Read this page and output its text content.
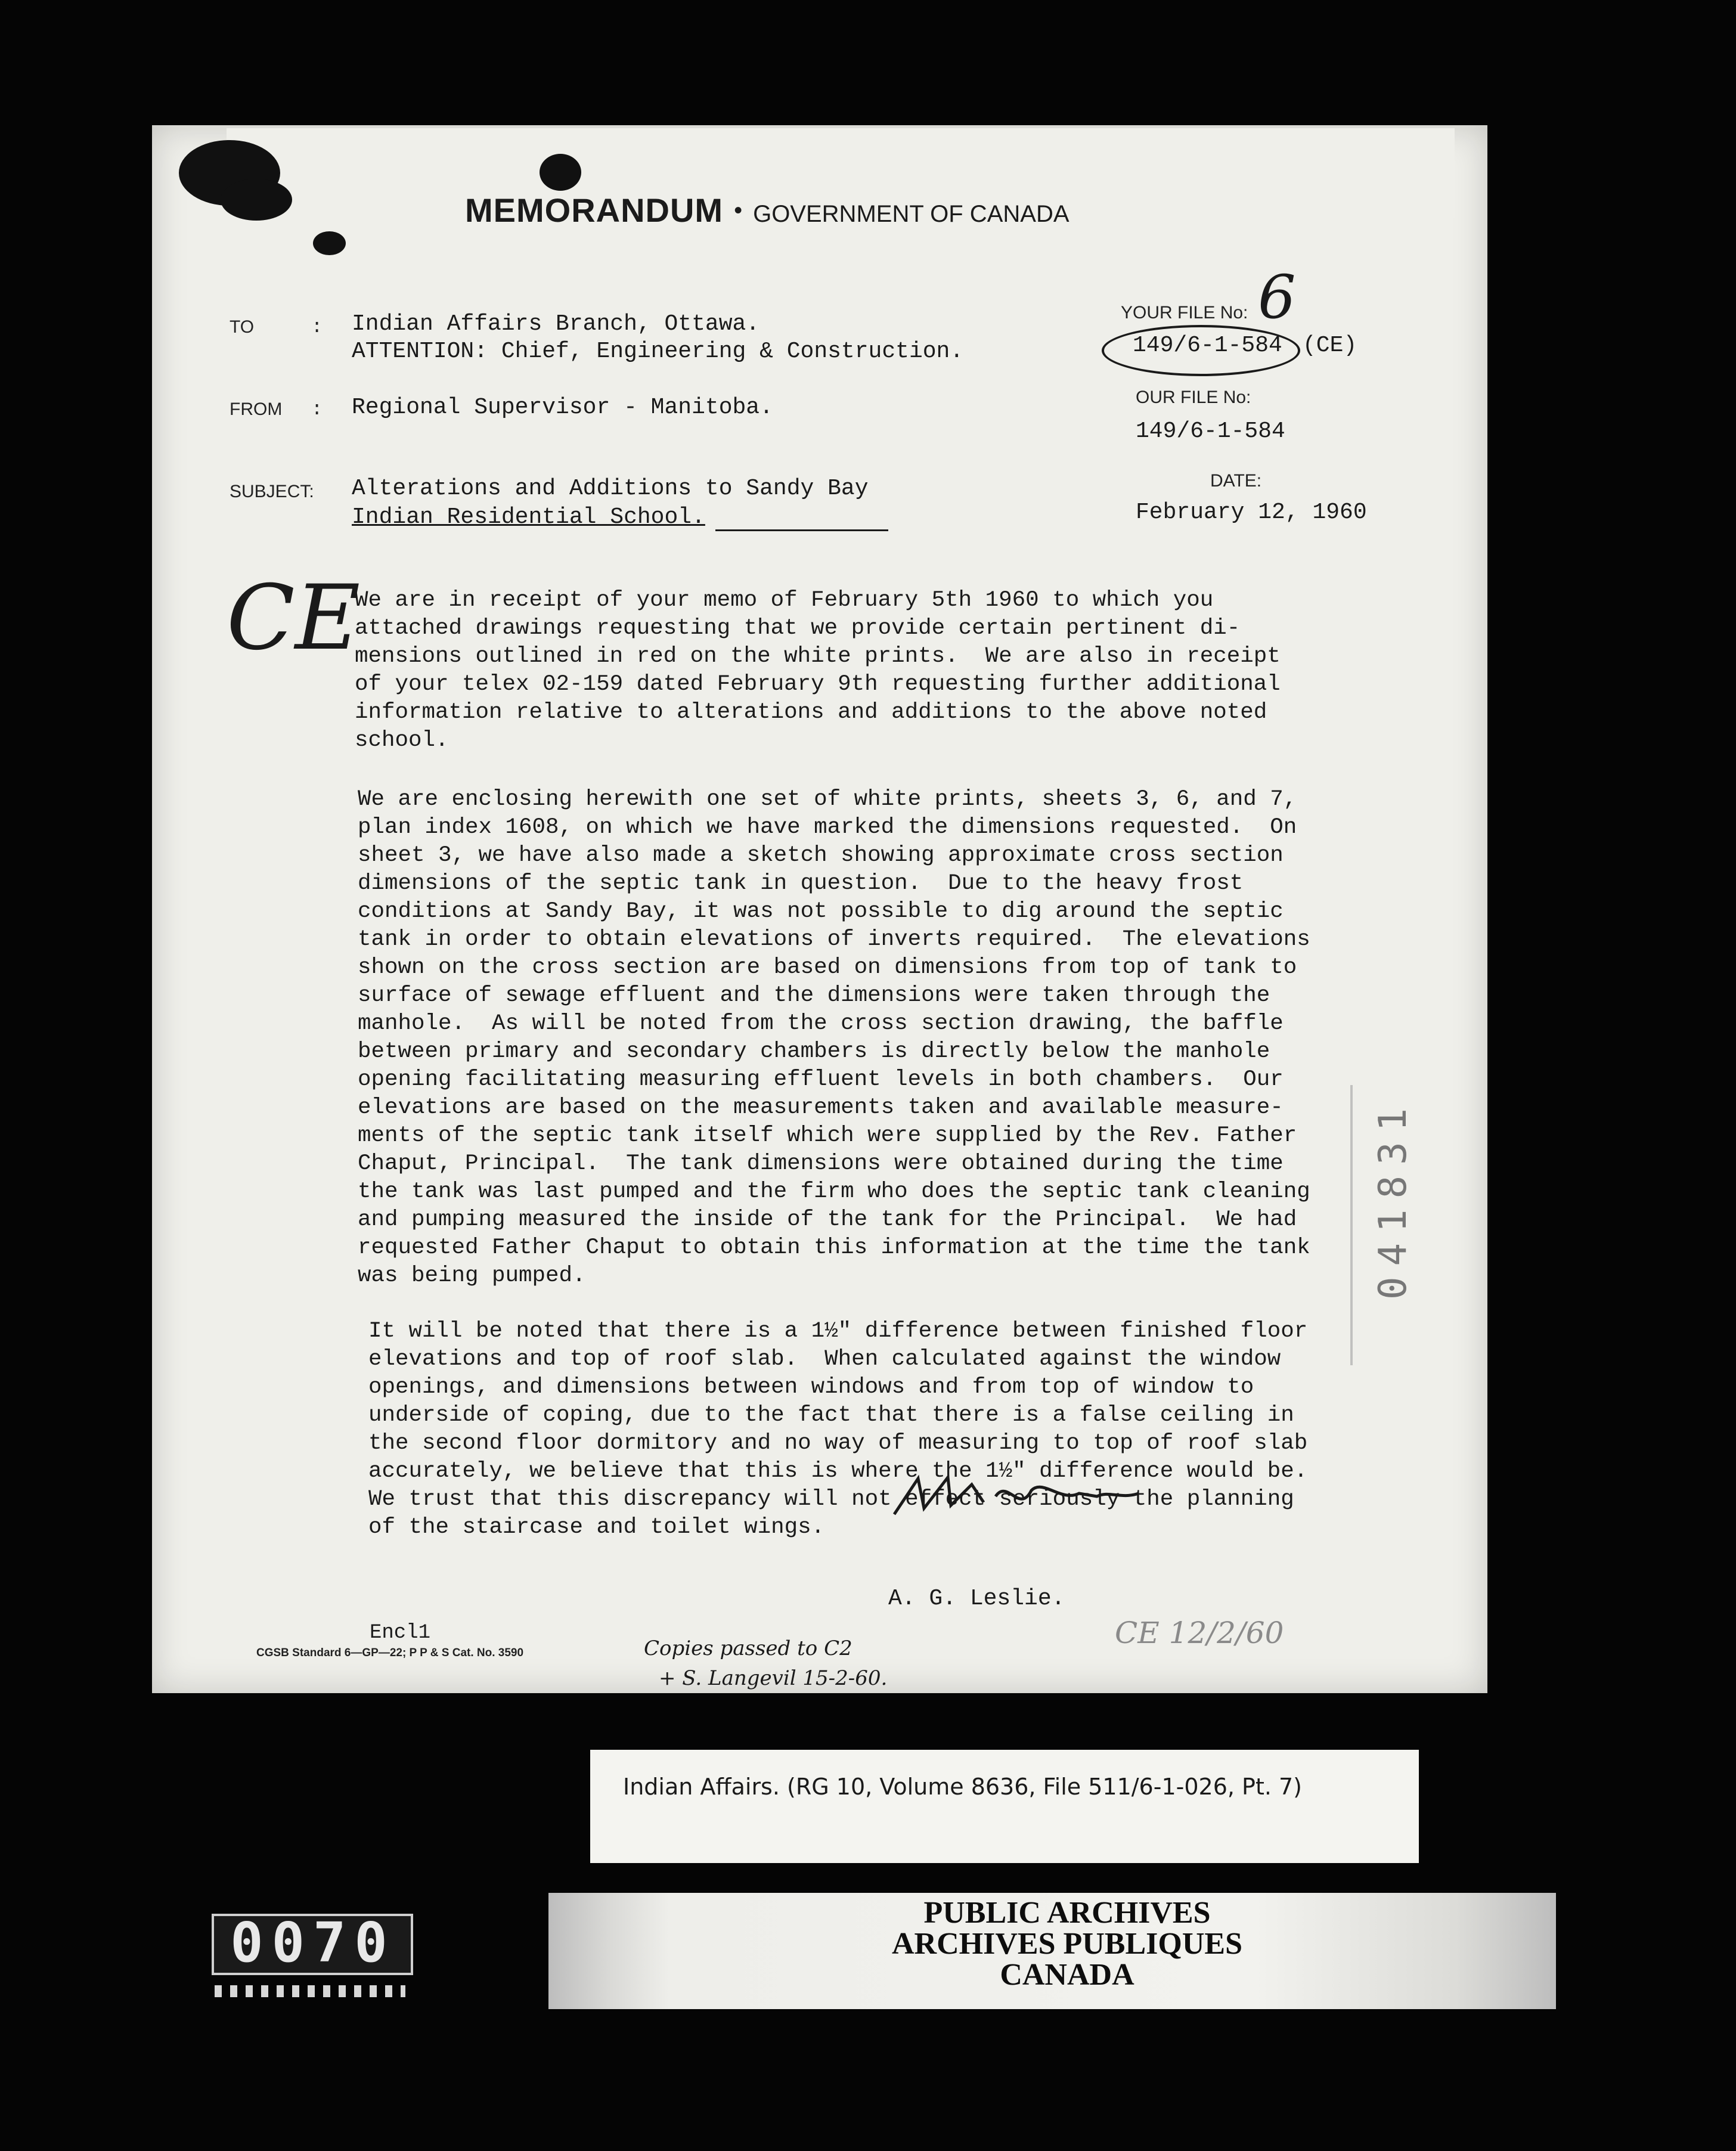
MEMORANDUM • GOVERNMENT OF CANADA
TO	: Indian Affairs Branch, Ottawa.
ATTENTION: Chief, Engineering & Construction.
FROM : Regional Supervisor - Manitoba.
SUBJECT: Alterations and Additions to Sandy Bay
Indian Residential School.
YOUR FILE No: 6
149/6-1-584 (CE)
OUR FILE No:
149/6-1-584
DATE:
February 12, 1960
CE
We are in receipt of your memo of February 5th 1960 to which you
attached drawings requesting that we provide certain pertinent di-
mensions outlined in red on the white prints.  We are also in receipt
of your telex 02-159 dated February 9th requesting further additional
information relative to alterations and additions to the above noted
school.
We are enclosing herewith one set of white prints, sheets 3, 6, and 7,
plan index 1608, on which we have marked the dimensions requested.  On
sheet 3, we have also made a sketch showing approximate cross section
dimensions of the septic tank in question.  Due to the heavy frost
conditions at Sandy Bay, it was not possible to dig around the septic
tank in order to obtain elevations of inverts required.  The elevations
shown on the cross section are based on dimensions from top of tank to
surface of sewage effluent and the dimensions were taken through the
manhole.  As will be noted from the cross section drawing, the baffle
between primary and secondary chambers is directly below the manhole
opening facilitating measuring effluent levels in both chambers.  Our
elevations are based on the measurements taken and available measure-
ments of the septic tank itself which were supplied by the Rev. Father
Chaput, Principal.  The tank dimensions were obtained during the time
the tank was last pumped and the firm who does the septic tank cleaning
and pumping measured the inside of the tank for the Principal.  We had
requested Father Chaput to obtain this information at the time the tank
was being pumped.
It will be noted that there is a 1½" difference between finished floor
elevations and top of roof slab.  When calculated against the window
openings, and dimensions between windows and from top of window to
underside of coping, due to the fact that there is a false ceiling in
the second floor dormitory and no way of measuring to top of roof slab
accurately, we believe that this is where the 1½" difference would be.
We trust that this discrepancy will not effect seriously the planning
of the staircase and toilet wings.
041831
A. G. Leslie.
Encl1
CGSB Standard 6—GP—22; P P & S Cat. No. 3590	Copies passed to C2
+ S. Langevil 15-2-60.
CE 12/2/60
Indian Affairs. (RG 10, Volume 8636, File 511/6-1-026, Pt. 7)
0070	PUBLIC ARCHIVES
ARCHIVES PUBLIQUES
CANADA
